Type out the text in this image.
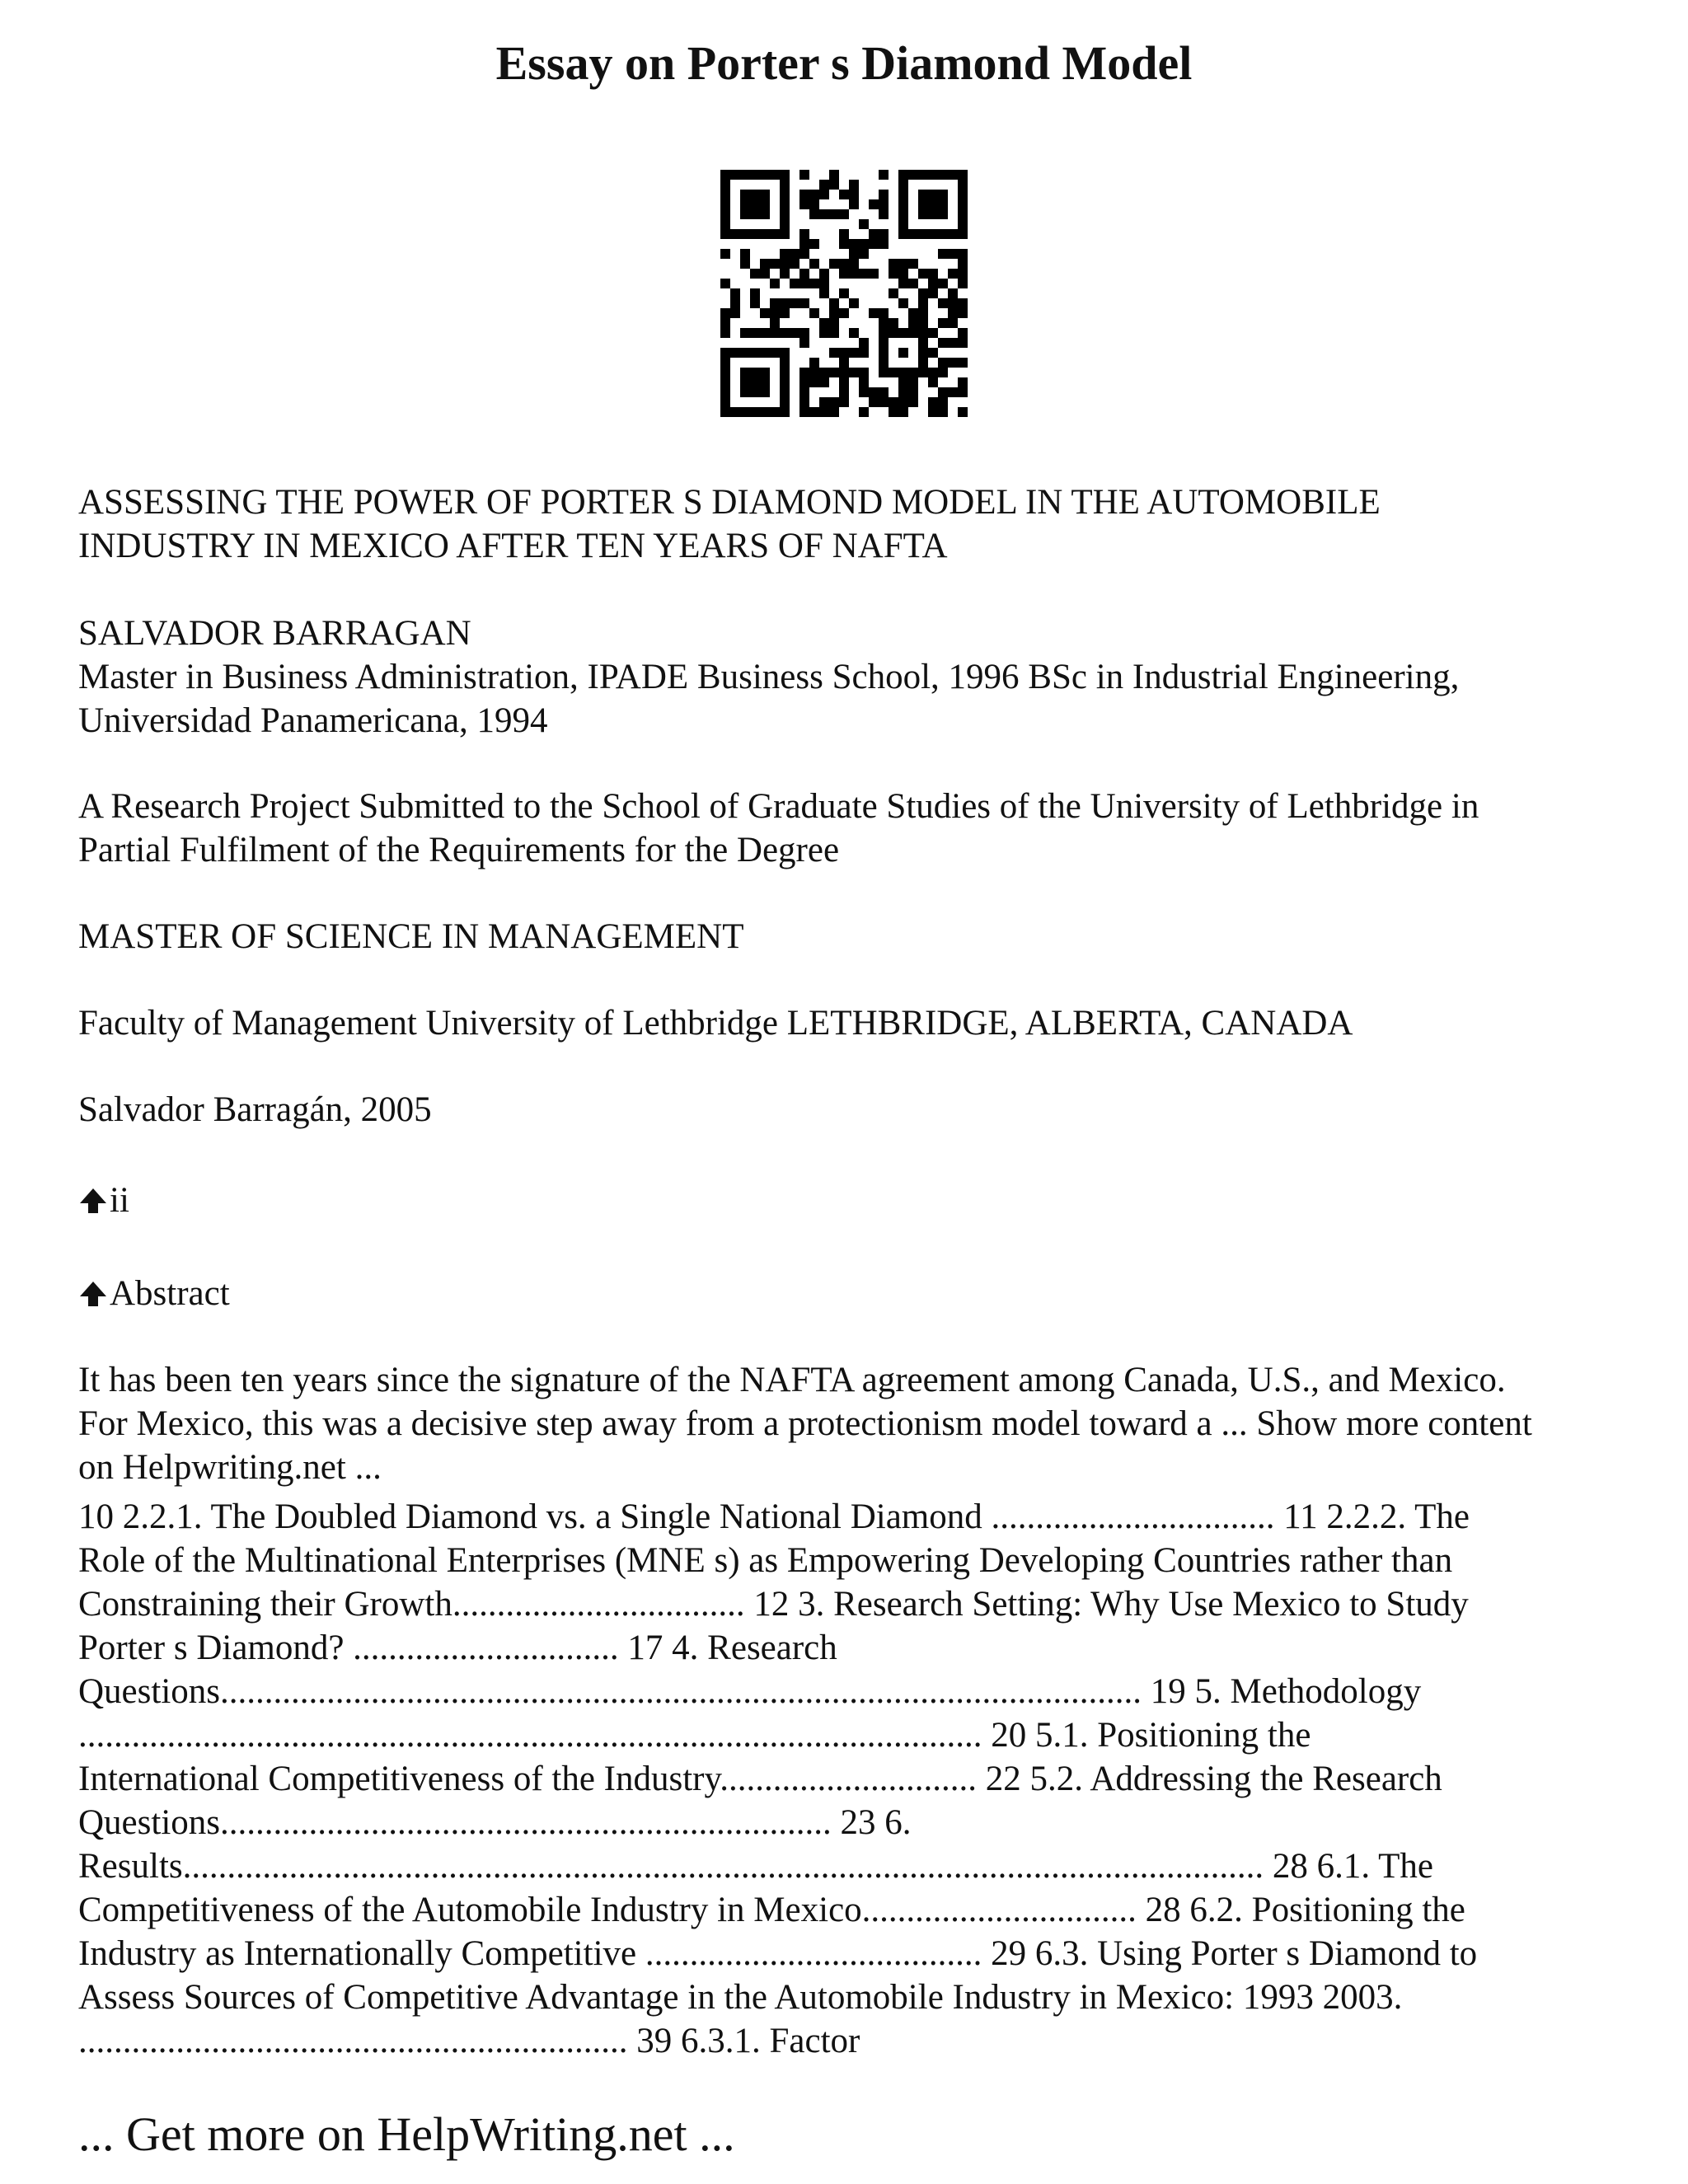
Essay on Porter s Diamond Model
ASSESSING THE POWER OF PORTER S DIAMOND MODEL IN THE AUTOMOBILE
INDUSTRY IN MEXICO AFTER TEN YEARS OF NAFTA
SALVADOR BARRAGAN
Master in Business Administration, IPADE Business School, 1996 BSc in Industrial Engineering,
Universidad Panamericana, 1994
A Research Project Submitted to the School of Graduate Studies of the University of Lethbridge in
Partial Fulfilment of the Requirements for the Degree
MASTER OF SCIENCE IN MANAGEMENT
Faculty of Management University of Lethbridge LETHBRIDGE, ALBERTA, CANADA
Salvador Barragán, 2005
ii
Abstract
It has been ten years since the signature of the NAFTA agreement among Canada, U.S., and Mexico.
For Mexico, this was a decisive step away from a protectionism model toward a ... Show more content
on Helpwriting.net ...
10 2.2.1. The Doubled Diamond vs. a Single National Diamond ................................ 11 2.2.2. The
Role of the Multinational Enterprises (MNE s) as Empowering Developing Countries rather than
Constraining their Growth................................. 12 3. Research Setting: Why Use Mexico to Study
Porter s Diamond? .............................. 17 4. Research
Questions........................................................................................................ 19 5. Methodology
...................................................................................................... 20 5.1. Positioning the
International Competitiveness of the Industry............................. 22 5.2. Addressing the Research
Questions..................................................................... 23 6.
Results.......................................................................................................................... 28 6.1. The
Competitiveness of the Automobile Industry in Mexico............................... 28 6.2. Positioning the
Industry as Internationally Competitive ...................................... 29 6.3. Using Porter s Diamond to
Assess Sources of Competitive Advantage in the Automobile Industry in Mexico: 1993 2003.
.............................................................. 39 6.3.1. Factor
... Get more on HelpWriting.net ...
